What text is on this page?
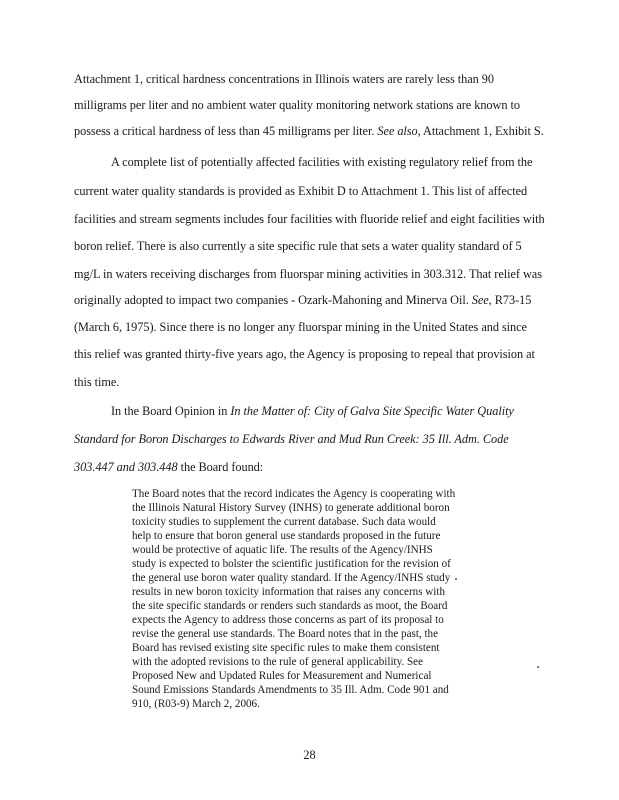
Attachment 1, critical hardness concentrations in Illinois waters are rarely less than 90
milligrams per liter and no ambient water quality monitoring network stations are known to
possess a critical hardness of less than 45 milligrams per liter. See also, Attachment 1, Exhibit S.
A complete list of potentially affected facilities with existing regulatory relief from the
current water quality standards is provided as Exhibit D to Attachment 1. This list of affected
facilities and stream segments includes four facilities with fluoride relief and eight facilities with
boron relief. There is also currently a site specific rule that sets a water quality standard of 5
mg/L in waters receiving discharges from fluorspar mining activities in 303.312. That relief was
originally adopted to impact two companies - Ozark-Mahoning and Minerva Oil. See, R73-15
(March 6, 1975). Since there is no longer any fluorspar mining in the United States and since
this relief was granted thirty-five years ago, the Agency is proposing to repeal that provision at
this time.
In the Board Opinion in In the Matter of: City of Galva Site Specific Water Quality
Standard for Boron Discharges to Edwards River and Mud Run Creek: 35 Ill. Adm. Code
303.447 and 303.448 the Board found:
The Board notes that the record indicates the Agency is cooperating with
the Illinois Natural History Survey (INHS) to generate additional boron
toxicity studies to supplement the current database. Such data would
help to ensure that boron general use standards proposed in the future
would be protective of aquatic life. The results of the Agency/INHS
study is expected to bolster the scientific justification for the revision of
the general use boron water quality standard. If the Agency/INHS study
results in new boron toxicity information that raises any concerns with
the site specific standards or renders such standards as moot, the Board
expects the Agency to address those concerns as part of its proposal to
revise the general use standards. The Board notes that in the past, the
Board has revised existing site specific rules to make them consistent
with the adopted revisions to the rule of general applicability. See
Proposed New and Updated Rules for Measurement and Numerical
Sound Emissions Standards Amendments to 35 Ill. Adm. Code 901 and
910, (R03-9) March 2, 2006.
28
